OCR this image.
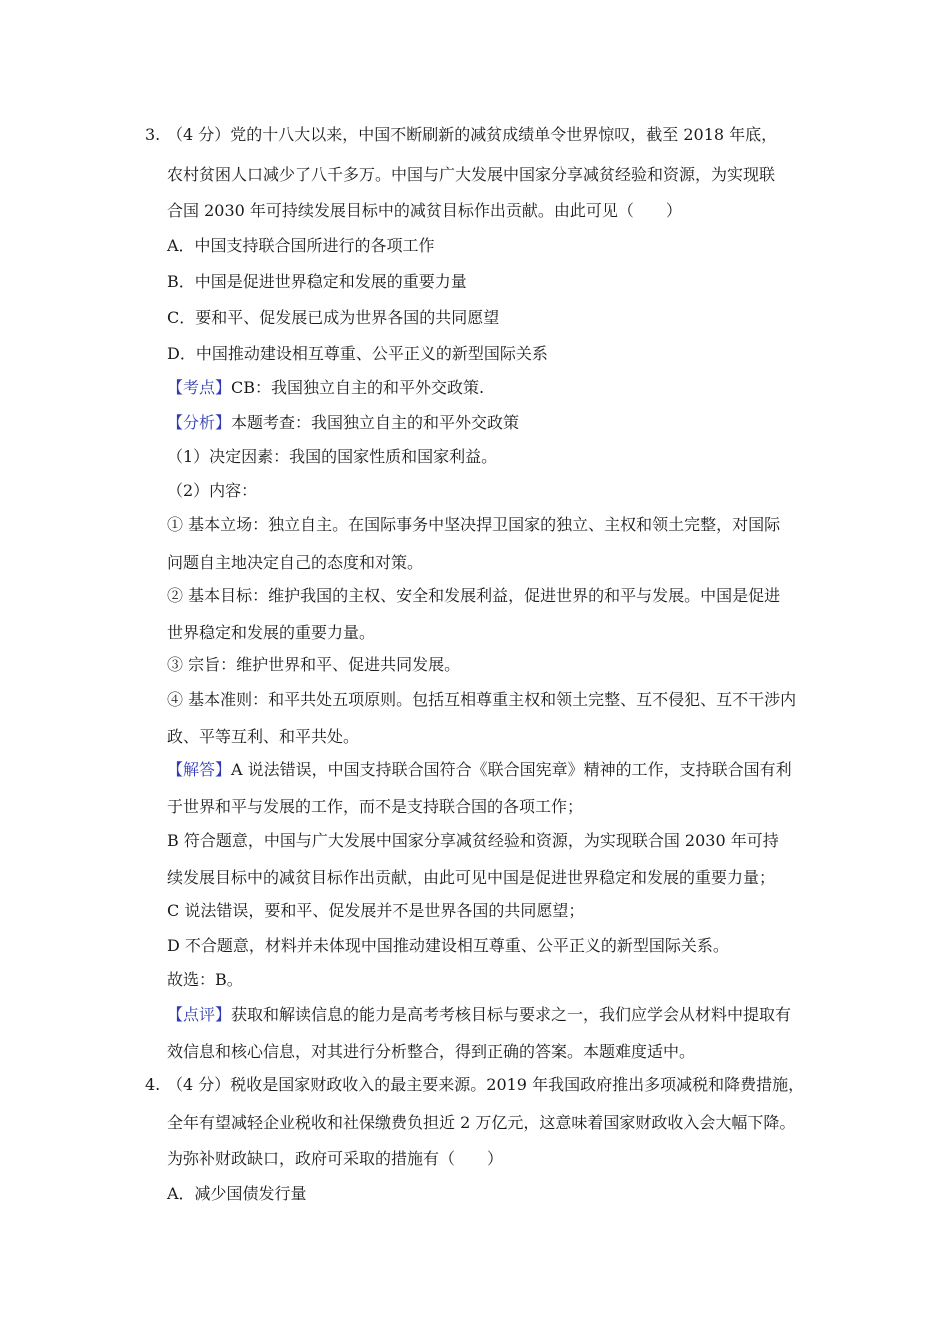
3. （4 分）党的十八大以来，中国不断刷新的减贫成绩单令世界惊叹，截至 2018 年底，
农村贫困人口减少了八千多万。中国与广大发展中国家分享减贫经验和资源，为实现联
合国 2030 年可持续发展目标中的减贫目标作出贡献。由此可见（　　）
A．中国支持联合国所进行的各项工作
B．中国是促进世界稳定和发展的重要力量
C．要和平、促发展已成为世界各国的共同愿望
D．中国推动建设相互尊重、公平正义的新型国际关系
【考点】CB：我国独立自主的和平外交政策.
【分析】本题考查：我国独立自主的和平外交政策
（1）决定因素：我国的国家性质和国家利益。
（2）内容：
① 基本立场：独立自主。在国际事务中坚决捍卫国家的独立、主权和领土完整，对国际
问题自主地决定自己的态度和对策。
② 基本目标：维护我国的主权、安全和发展利益，促进世界的和平与发展。中国是促进
世界稳定和发展的重要力量。
③ 宗旨：维护世界和平、促进共同发展。
④ 基本准则：和平共处五项原则。包括互相尊重主权和领土完整、互不侵犯、互不干涉内
政、平等互利、和平共处。
【解答】A 说法错误，中国支持联合国符合《联合国宪章》精神的工作，支持联合国有利
于世界和平与发展的工作，而不是支持联合国的各项工作；
B 符合题意，中国与广大发展中国家分享减贫经验和资源，为实现联合国 2030 年可持
续发展目标中的减贫目标作出贡献，由此可见中国是促进世界稳定和发展的重要力量；
C 说法错误，要和平、促发展并不是世界各国的共同愿望；
D 不合题意，材料并未体现中国推动建设相互尊重、公平正义的新型国际关系。
故选：B。
【点评】获取和解读信息的能力是高考考核目标与要求之一，我们应学会从材料中提取有
效信息和核心信息，对其进行分析整合，得到正确的答案。本题难度适中。
4. （4 分）税收是国家财政收入的最主要来源。2019 年我国政府推出多项减税和降费措施，
全年有望减轻企业税收和社保缴费负担近 2 万亿元，这意味着国家财政收入会大幅下降。
为弥补财政缺口，政府可采取的措施有（　　）
A．减少国债发行量
